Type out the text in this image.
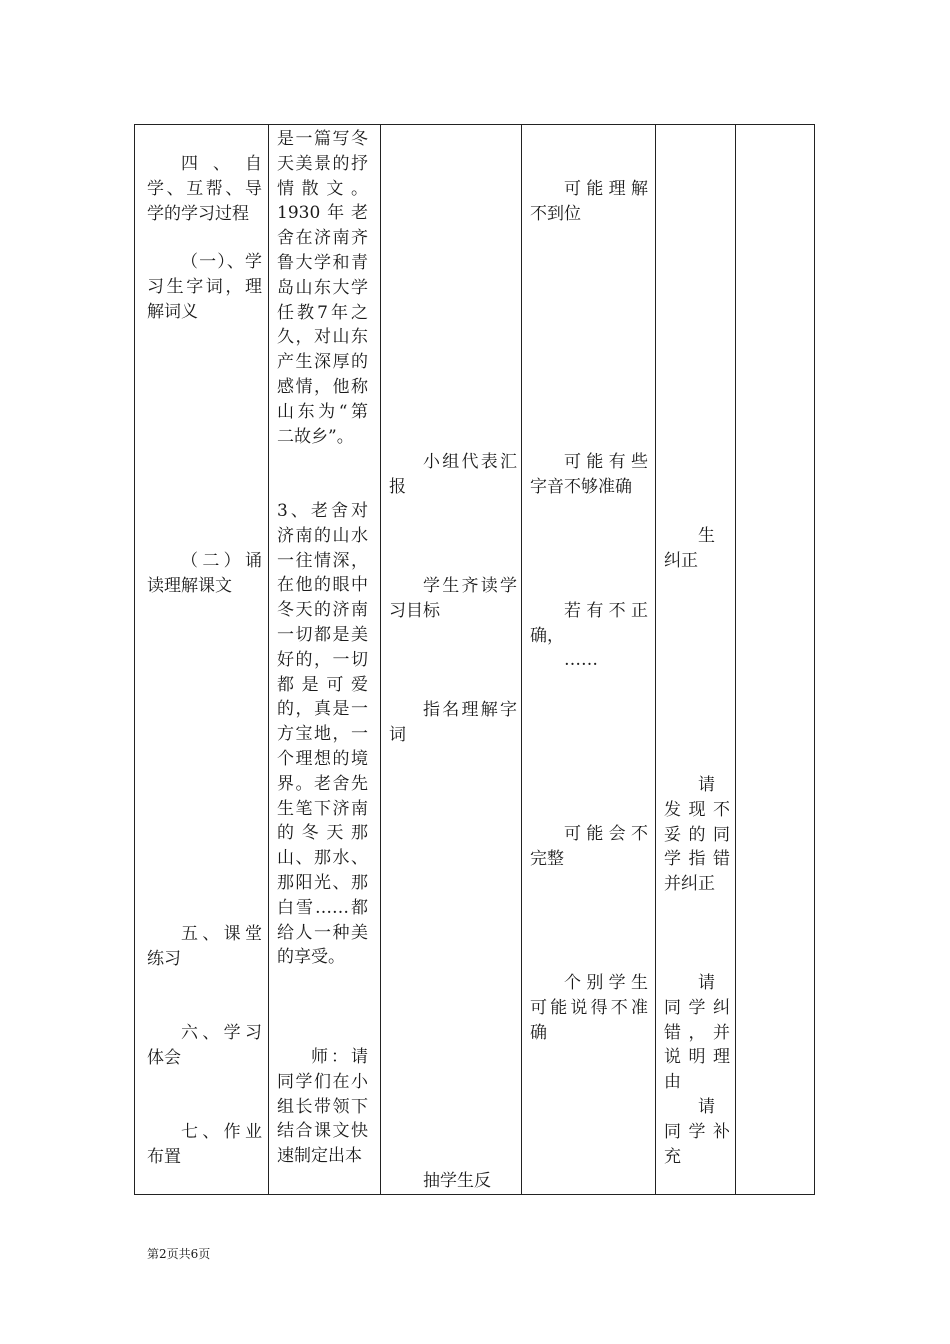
四、自学、互帮、导学的学习过程

（一）、学习生字词，理解词义

（二）诵读理解课文

五、课堂练习

六、学习体会

七、作业布置

是一篇写冬天美景的抒情散文。1930年老舍在济南齐鲁大学和青岛山东大学任教7年之久，对山东产生深厚的感情，他称山东为“第二故乡”。

3、老舍对济南的山水一往情深，在他的眼中冬天的济南一切都是美好的，一切都是可爱的，真是一方宝地，一个理想的境界。老舍先生笔下济南的冬天那山、那水、那阳光、那白雪……都给人一种美的享受。

师：请同学们在小组长带领下结合课文快速制定出本

小组代表汇报

学生齐读学习目标

指名理解字词

抽学生反

可能理解不到位

可能有些字音不够准确

若有不正确，

……

可能会不完整

个别学生可能说得不准确

生纠正

请发现不妥的同学指错并纠正

请同学纠错，并说明理由

请同学补充

第2页共6页
